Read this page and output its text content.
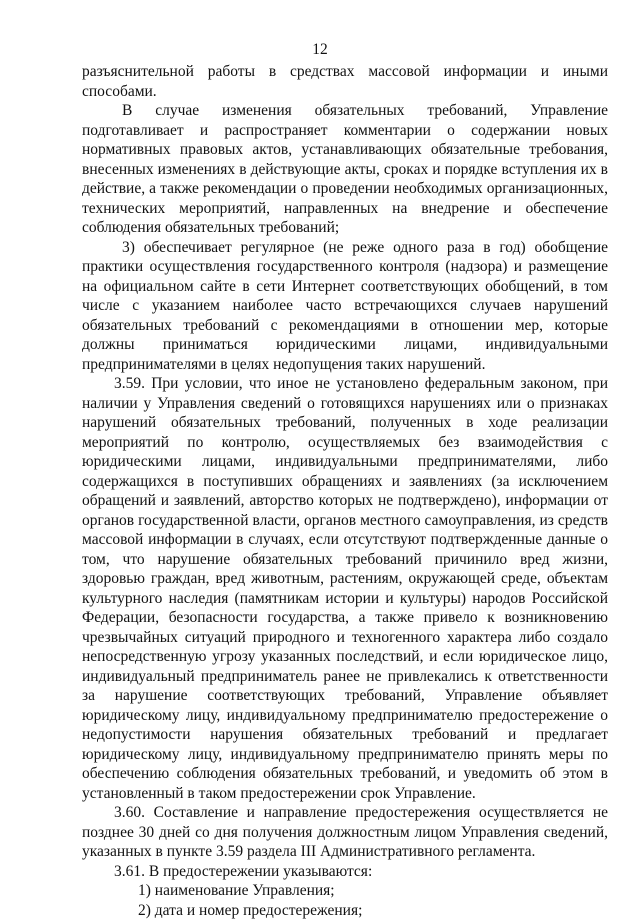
12

разъяснительной работы в средствах массовой информации и иными способами.

В случае изменения обязательных требований, Управление подготавливает и распространяет комментарии о содержании новых нормативных правовых актов, устанавливающих обязательные требования, внесенных изменениях в действующие акты, сроках и порядке вступления их в действие, а также рекомендации о проведении необходимых организационных, технических мероприятий, направленных на внедрение и обеспечение соблюдения обязательных требований;

3) обеспечивает регулярное (не реже одного раза в год) обобщение практики осуществления государственного контроля (надзора) и размещение на официальном сайте в сети Интернет соответствующих обобщений, в том числе с указанием наиболее часто встречающихся случаев нарушений обязательных требований с рекомендациями в отношении мер, которые должны приниматься юридическими лицами, индивидуальными предпринимателями в целях недопущения таких нарушений.

3.59. При условии, что иное не установлено федеральным законом, при наличии у Управления сведений о готовящихся нарушениях или о признаках нарушений обязательных требований, полученных в ходе реализации мероприятий по контролю, осуществляемых без взаимодействия с юридическими лицами, индивидуальными предпринимателями, либо содержащихся в поступивших обращениях и заявлениях (за исключением обращений и заявлений, авторство которых не подтверждено), информации от органов государственной власти, органов местного самоуправления, из средств массовой информации в случаях, если отсутствуют подтвержденные данные о том, что нарушение обязательных требований причинило вред жизни, здоровью граждан, вред животным, растениям, окружающей среде, объектам культурного наследия (памятникам истории и культуры) народов Российской Федерации, безопасности государства, а также привело к возникновению чрезвычайных ситуаций природного и техногенного характера либо создало непосредственную угрозу указанных последствий, и если юридическое лицо, индивидуальный предприниматель ранее не привлекались к ответственности за нарушение соответствующих требований, Управление объявляет юридическому лицу, индивидуальному предпринимателю предостережение о недопустимости нарушения обязательных требований и предлагает юридическому лицу, индивидуальному предпринимателю принять меры по обеспечению соблюдения обязательных требований, и уведомить об этом в установленный в таком предостережении срок Управление.

3.60. Составление и направление предостережения осуществляется не позднее 30 дней со дня получения должностным лицом Управления сведений, указанных в пункте 3.59 раздела III Административного регламента.

3.61. В предостережении указываются:

1) наименование Управления;

2) дата и номер предостережения;
